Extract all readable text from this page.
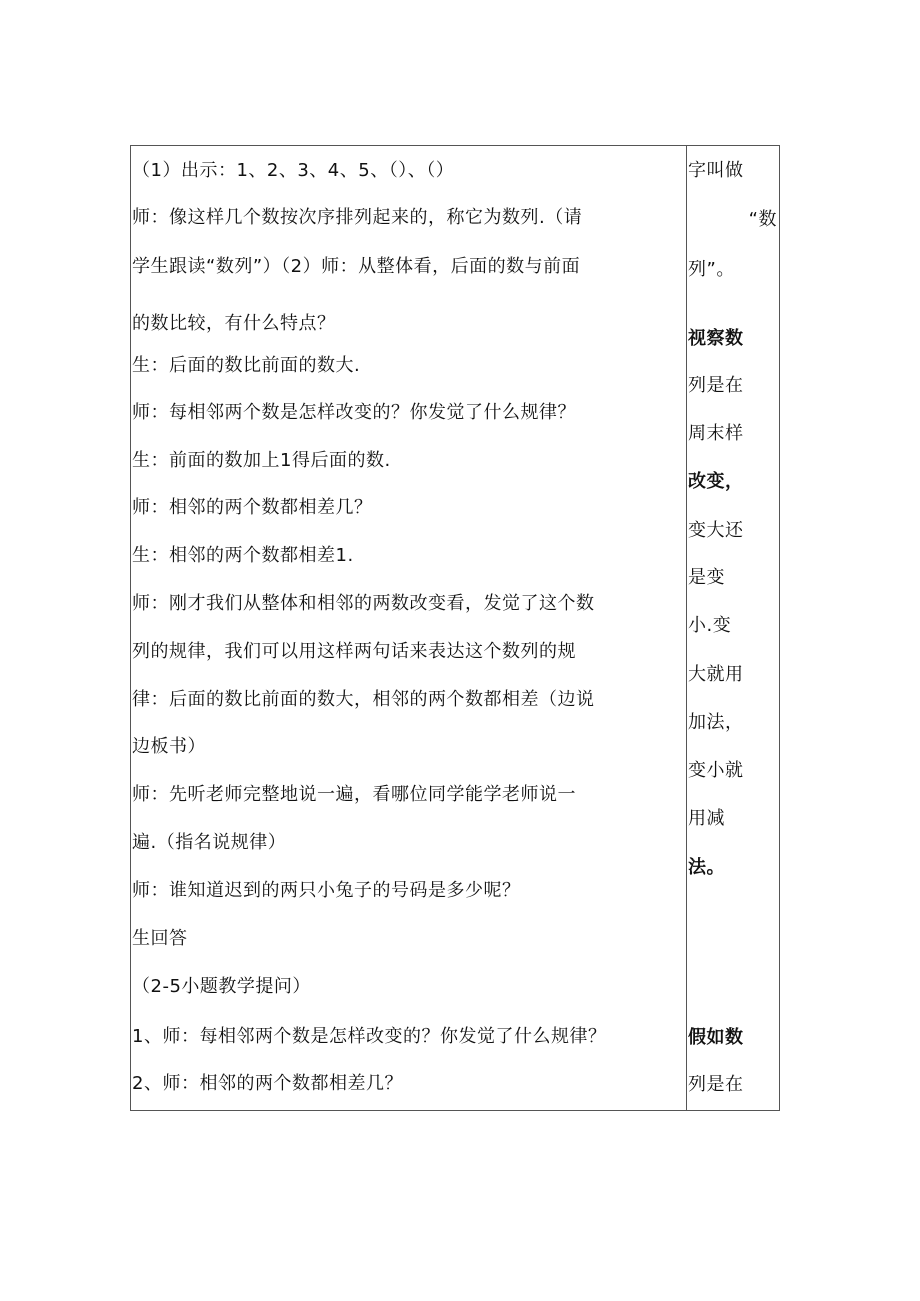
（1）出示：1、2、3、4、5、（）、（）
师：像这样几个数按次序排列起来的，称它为数列.（请
学生跟读“数列”）（2）师：从整体看，后面的数与前面
的数比较，有什么特点？
生：后面的数比前面的数大.
师：每相邻两个数是怎样改变的？你发觉了什么规律？
生：前面的数加上1得后面的数.
师：相邻的两个数都相差几？
生：相邻的两个数都相差1.
师：刚才我们从整体和相邻的两数改变看，发觉了这个数
列的规律，我们可以用这样两句话来表达这个数列的规
律：后面的数比前面的数大，相邻的两个数都相差（边说
边板书）
师：先听老师完整地说一遍，看哪位同学能学老师说一
遍.（指名说规律）
师：谁知道迟到的两只小兔子的号码是多少呢？
生回答
（2-5小题教学提问）
1、师：每相邻两个数是怎样改变的？你发觉了什么规律？
2、师：相邻的两个数都相差几？
字叫做
“数
列”。
视察数
列是在
周末样
改变，
变大还
是变
小.变
大就用
加法，
变小就
用减
法。
假如数
列是在
